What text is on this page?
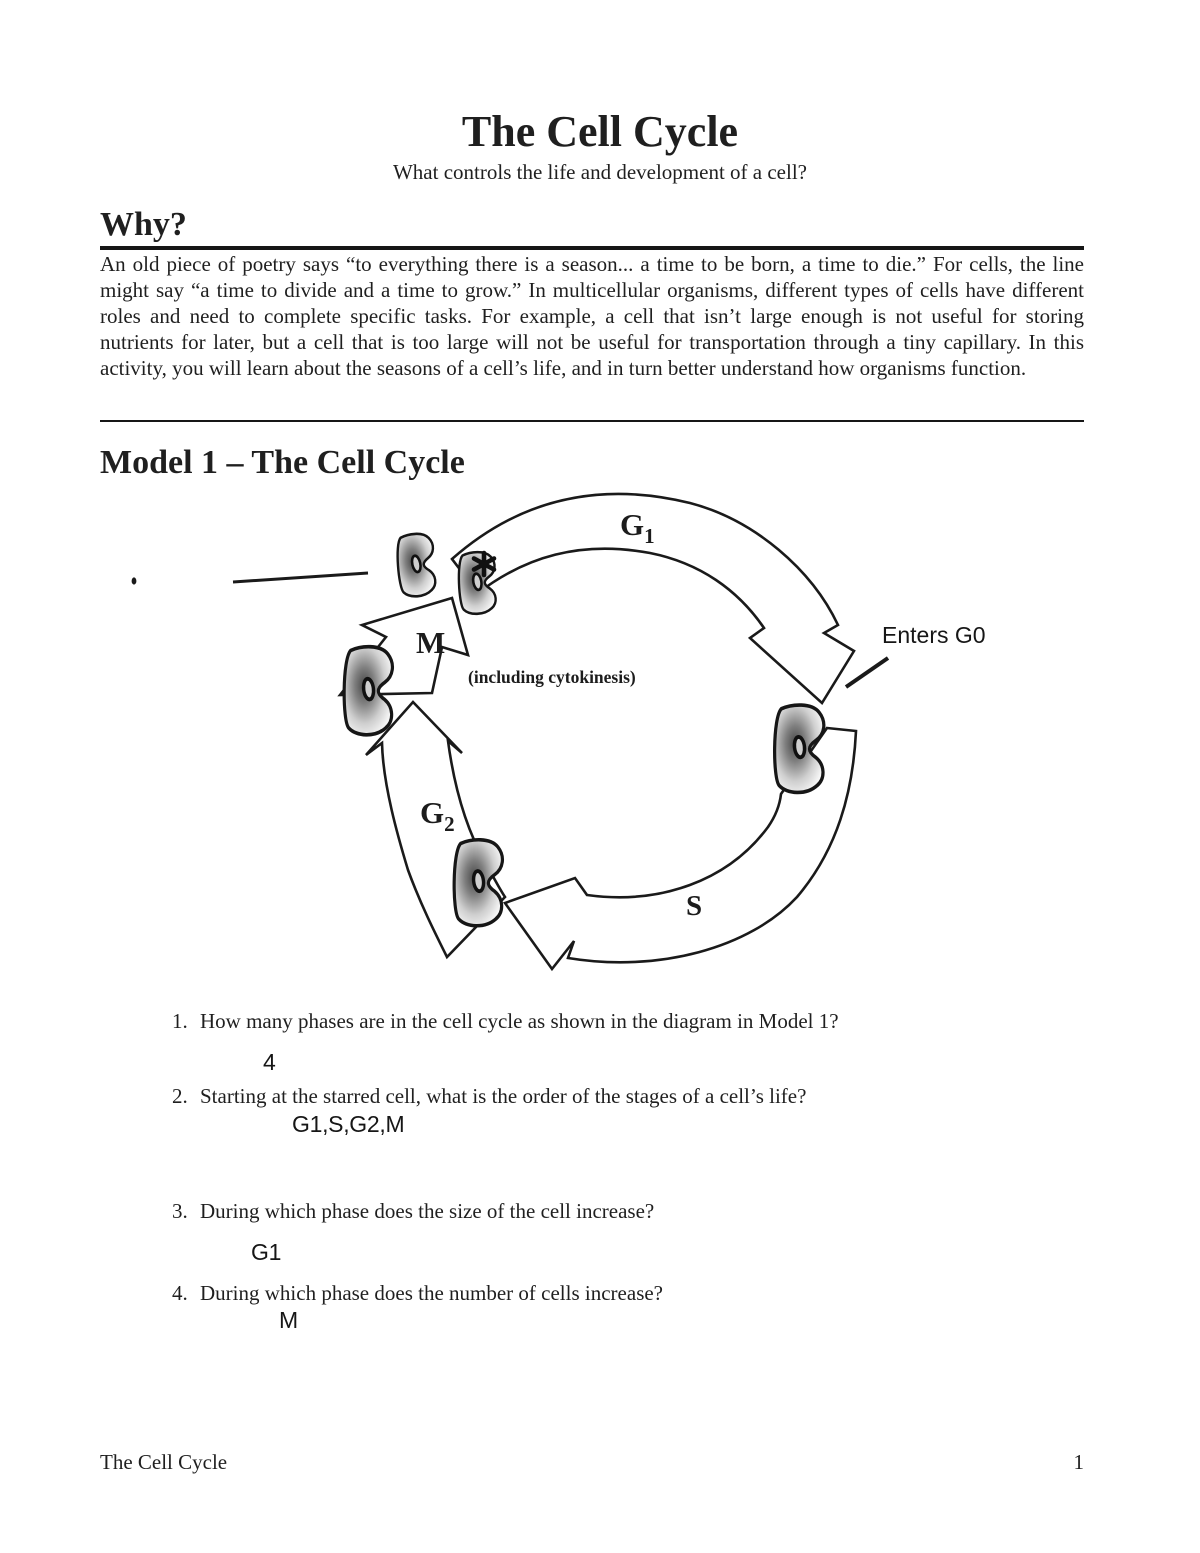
The Cell Cycle
What controls the life and development of a cell?
Why?
An old piece of poetry says “to everything there is a season... a time to be born, a time to die.” For cells, the line might say “a time to divide and a time to grow.” In multicellular organisms, different types of cells have different roles and need to complete specific tasks. For example, a cell that isn’t large enough is not useful for storing nutrients for later, but a cell that is too large will not be useful for transportation through a tiny capillary. In this activity, you will learn about the seasons of a cell’s life, and in turn better understand how organisms function.
Model 1 – The Cell Cycle
$G_1$
M
(including cytokinesis)
$G_2$
S
Enters G0
1. How many phases are in the cell cycle as shown in the diagram in Model 1?
4
2. Starting at the starred cell, what is the order of the stages of a cell’s life?
G1,S,G2,M
3. During which phase does the size of the cell increase?
G1
4. During which phase does the number of cells increase?
M
The Cell Cycle	1
